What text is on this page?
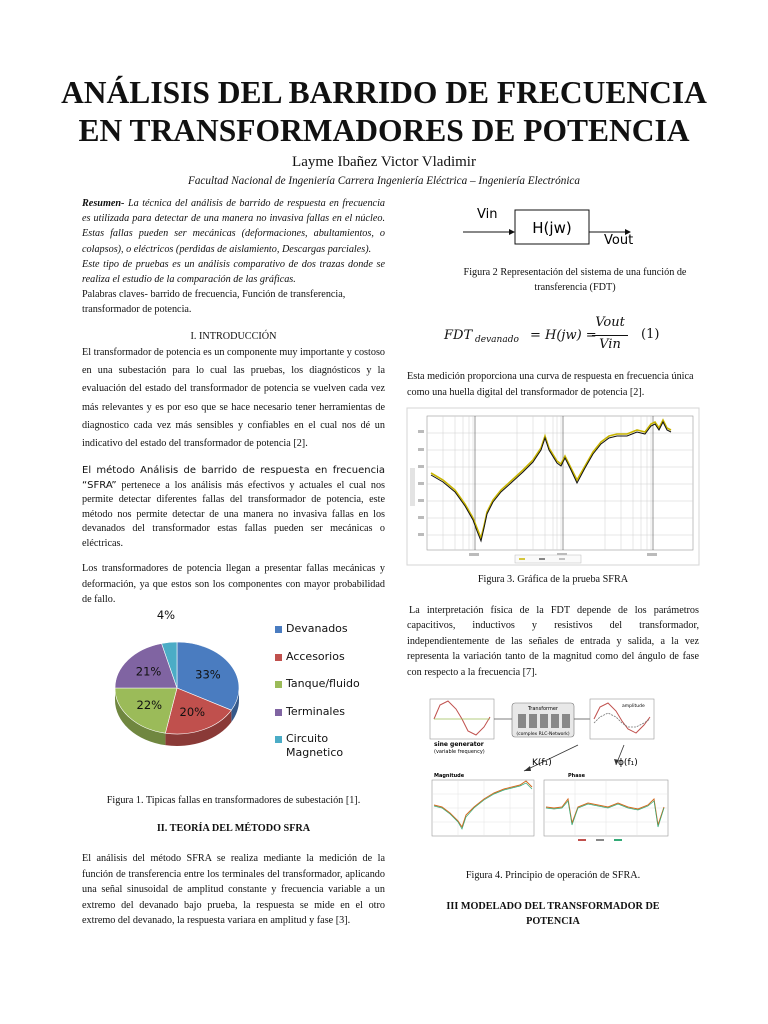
ANÁLISIS DEL BARRIDO DE FRECUENCIA
EN TRANSFORMADORES DE POTENCIA
Layme Ibañez Victor Vladimir
Facultad Nacional de Ingeniería Carrera Ingeniería Eléctrica – Ingeniería Electrónica
Resumen- La técnica del análisis de barrido de respuesta en frecuencia es utilizada para detectar de una manera no invasiva fallas en el núcleo. Estas fallas pueden ser mecánicas (deformaciones, abultamientos, o colapsos), o eléctricos (perdidas de aislamiento, Descargas parciales).
Este tipo de pruebas es un análisis comparativo de dos trazas donde se realiza el estudio de la comparación de las gráficas.
Palabras claves- barrido de frecuencia, Función de transferencia, transformador de potencia.
I. INTRODUCCIÓN
El transformador de potencia es un componente muy importante y costoso en una subestación para lo cual las pruebas, los diagnósticos y la evaluación del estado del transformador de potencia se vuelven cada vez más relevantes y es por eso que se hace necesario tener herramientas de diagnostico cada vez más sensibles y confiables en el cual nos dé un indicativo del estado del transformador de potencia [2].
El método Análisis de barrido de respuesta en frecuencia “SFRA” pertenece a los análisis más efectivos y actuales el cual nos permite detectar diferentes fallas del transformador de potencia, este método nos permite detectar de una manera no invasiva fallas en los devanados del transformador estas fallas pueden ser mecánicas o eléctricas.
Los transformadores de potencia llegan a presentar fallas mecánicas y deformación, ya que estos son los componentes con mayor probabilidad de fallo.
33%
20%
22%
21%
4%
Devanados
Accesorios
Tanque/fluido
Terminales
Circuito Magnetico
Figura 1. Tipicas fallas en transformadores de subestación [1].
II. TEORÍA DEL MÉTODO SFRA
El análisis del método SFRA se realiza mediante la medición de la función de transferencia entre los terminales del transformador, aplicando una señal sinusoidal de amplitud constante y frecuencia variable a un extremo del devanado bajo prueba, la respuesta se mide en el otro extremo del devanado, la respuesta variara en amplitud y fase [3].
Vin
H(jw)
Vout
Figura 2 Representación del sistema de una función de transferencia (FDT)
FDT devanado = H(jw) =
Vout
Vin
(1)
Esta medición proporciona una curva de respuesta en frecuencia única como una huella digital del transformador de potencia [2].
Figura 3. Gráfica de la prueba SFRA
La interpretación física de la FDT depende de los parámetros capacitivos, inductivos y resistivos del transformador, independientemente de las señales de entrada y salida, a la vez representa la variación tanto de la magnitud como del ángulo de fase con respecto a la frecuencia [7].
sine generator
(variable frequency)
Transformer
(complex RLC-Network)
amplitude
K(f₁)	ϕ(f₁)
Magnitude	Phase
Figura 4. Principio de operación de SFRA.
III MODELADO DEL TRANSFORMADOR DE
POTENCIA
